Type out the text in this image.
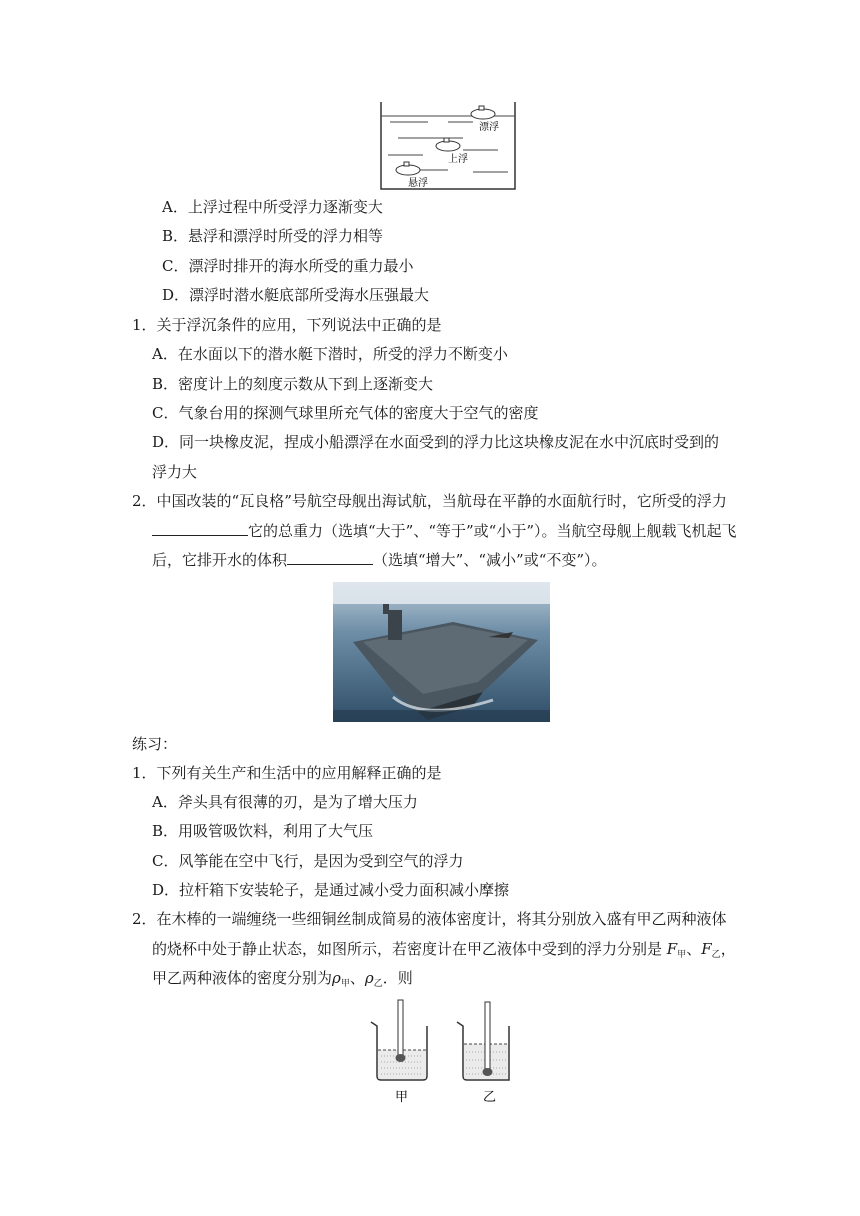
漂浮
上浮
悬浮
A．上浮过程中所受浮力逐渐变大
B．悬浮和漂浮时所受的浮力相等
C．漂浮时排开的海水所受的重力最小
D．漂浮时潜水艇底部所受海水压强最大
1．关于浮沉条件的应用，下列说法中正确的是
A．在水面以下的潜水艇下潜时，所受的浮力不断变小
B．密度计上的刻度示数从下到上逐渐变大
C．气象台用的探测气球里所充气体的密度大于空气的密度
D．同一块橡皮泥，捏成小船漂浮在水面受到的浮力比这块橡皮泥在水中沉底时受到的
浮力大
2．中国改装的“瓦良格”号航空母舰出海试航，当航母在平静的水面航行时，它所受的浮力
它的总重力（选填“大于”、“等于”或“小于”）。当航空母舰上舰载飞机起飞
后，它排开水的体积	（选填“增大”、“减小”或“不变”）。
练习：
1．下列有关生产和生活中的应用解释正确的是
A．斧头具有很薄的刃，是为了增大压力
B．用吸管吸饮料，利用了大气压
C．风筝能在空中飞行，是因为受到空气的浮力
D．拉杆箱下安装轮子，是通过减小受力面积减小摩擦
2．在木棒的一端缠绕一些细铜丝制成简易的液体密度计，将其分别放入盛有甲乙两种液体
的烧杯中处于静止状态，如图所示，若密度计在甲乙液体中受到的浮力分别是 $F_甲$、$F_乙$，
甲乙两种液体的密度分别为$\rho_甲$、$\rho_乙$．则
甲	乙
